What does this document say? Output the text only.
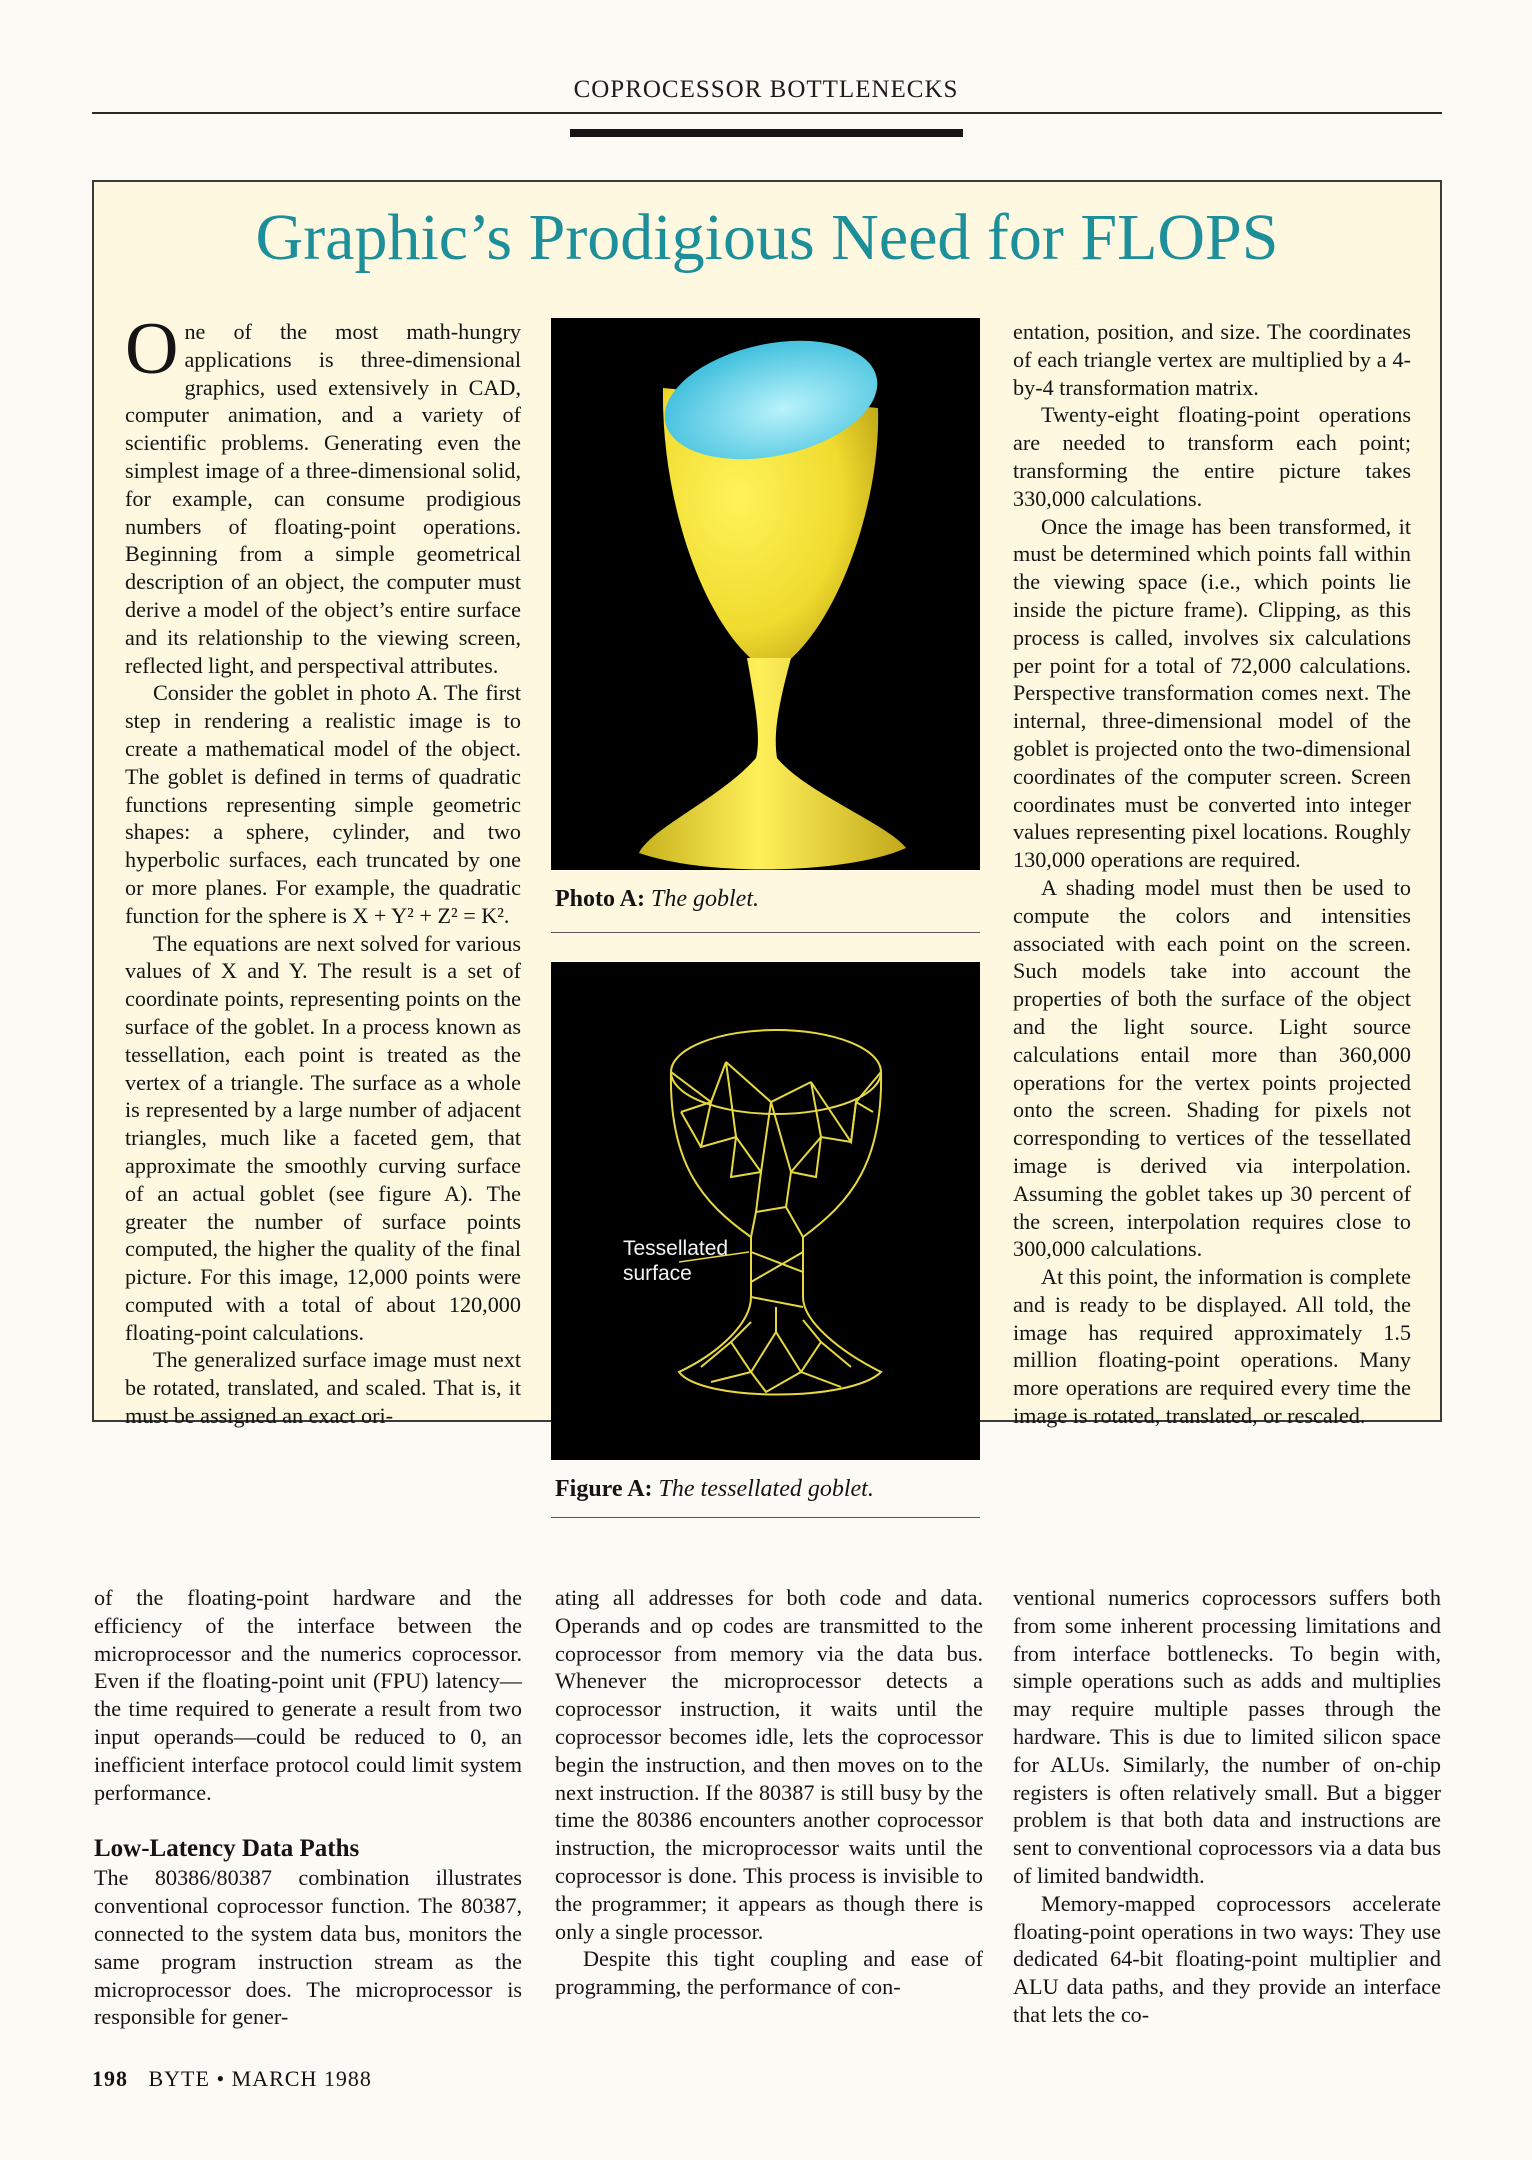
COPROCESSOR BOTTLENECKS
Graphic’s Prodigious Need for FLOPS

One of the most math-hungry applications is three-dimensional graphics, used extensively in CAD, computer animation, and a variety of scientific problems. Generating even the simplest image of a three-dimensional solid, for example, can consume prodigious numbers of floating-point operations. Beginning from a simple geometrical description of an object, the computer must derive a model of the object’s entire surface and its relationship to the viewing screen, reflected light, and perspectival attributes.

Consider the goblet in photo A. The first step in rendering a realistic image is to create a mathematical model of the object. The goblet is defined in terms of quadratic functions representing simple geometric shapes: a sphere, cylinder, and two hyperbolic surfaces, each truncated by one or more planes. For example, the quadratic function for the sphere is X + Y² + Z² = K².

The equations are next solved for various values of X and Y. The result is a set of coordinate points, representing points on the surface of the goblet. In a process known as tessellation, each point is treated as the vertex of a triangle. The surface as a whole is represented by a large number of adjacent triangles, much like a faceted gem, that approximate the smoothly curving surface of an actual goblet (see figure A). The greater the number of surface points computed, the higher the quality of the final picture. For this image, 12,000 points were computed with a total of about 120,000 floating-point calculations.

The generalized surface image must next be rotated, translated, and scaled. That is, it must be assigned an exact ori-

Photo A: The goblet.
Tessellated
surface
Figure A: The tessellated goblet.

entation, position, and size. The coordinates of each triangle vertex are multiplied by a 4-by-4 transformation matrix.

Twenty-eight floating-point operations are needed to transform each point; transforming the entire picture takes 330,000 calculations.

Once the image has been transformed, it must be determined which points fall within the viewing space (i.e., which points lie inside the picture frame). Clipping, as this process is called, involves six calculations per point for a total of 72,000 calculations. Perspective transformation comes next. The internal, three-dimensional model of the goblet is projected onto the two-dimensional coordinates of the computer screen. Screen coordinates must be converted into integer values representing pixel locations. Roughly 130,000 operations are required.

A shading model must then be used to compute the colors and intensities associated with each point on the screen. Such models take into account the properties of both the surface of the object and the light source. Light source calculations entail more than 360,000 operations for the vertex points projected onto the screen. Shading for pixels not corresponding to vertices of the tessellated image is derived via interpolation. Assuming the goblet takes up 30 percent of the screen, interpolation requires close to 300,000 calculations.

At this point, the information is complete and is ready to be displayed. All told, the image has required approximately 1.5 million floating-point operations. Many more operations are required every time the image is rotated, translated, or rescaled.

of the floating-point hardware and the efficiency of the interface between the microprocessor and the numerics coprocessor. Even if the floating-point unit (FPU) latency—the time required to generate a result from two input operands—could be reduced to 0, an inefficient interface protocol could limit system performance.

Low-Latency Data Paths

The 80386/80387 combination illustrates conventional coprocessor function. The 80387, connected to the system data bus, monitors the same program instruction stream as the microprocessor does. The microprocessor is responsible for gener-

ating all addresses for both code and data. Operands and op codes are transmitted to the coprocessor from memory via the data bus. Whenever the microprocessor detects a coprocessor instruction, it waits until the coprocessor becomes idle, lets the coprocessor begin the instruction, and then moves on to the next instruction. If the 80387 is still busy by the time the 80386 encounters another coprocessor instruction, the microprocessor waits until the coprocessor is done. This process is invisible to the programmer; it appears as though there is only a single processor.

Despite this tight coupling and ease of programming, the performance of con-

ventional numerics coprocessors suffers both from some inherent processing limitations and from interface bottlenecks. To begin with, simple operations such as adds and multiplies may require multiple passes through the hardware. This is due to limited silicon space for ALUs. Similarly, the number of on-chip registers is often relatively small. But a bigger problem is that both data and instructions are sent to conventional coprocessors via a data bus of limited bandwidth.

Memory-mapped coprocessors accelerate floating-point operations in two ways: They use dedicated 64-bit floating-point multiplier and ALU data paths, and they provide an interface that lets the co-

198 BYTE • MARCH 1988
